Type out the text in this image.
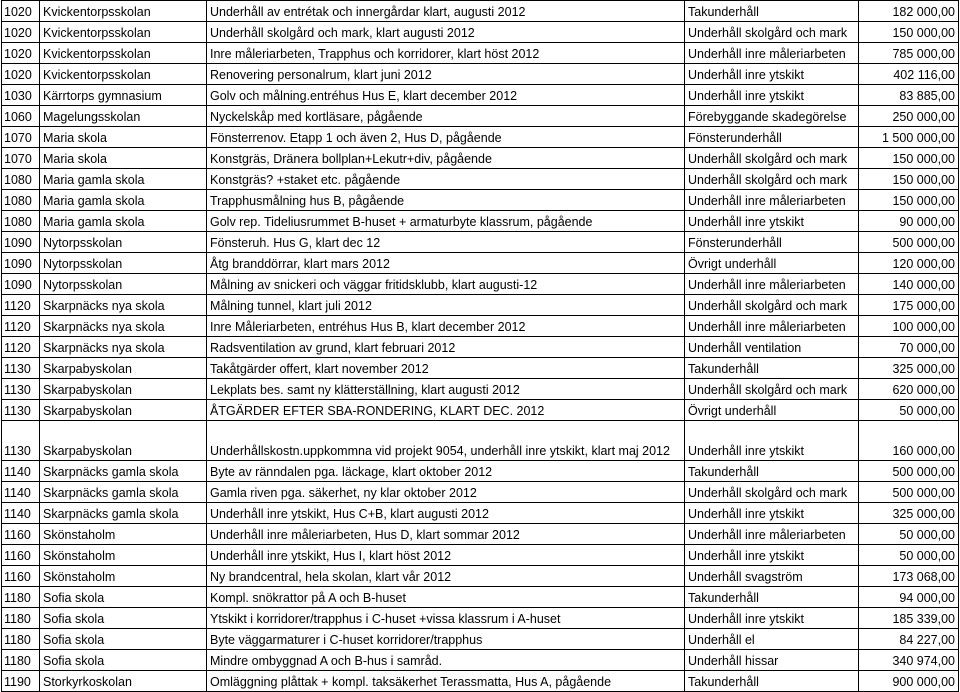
1020	Kvickentorpsskolan	Underhåll av entrétak och innergårdar klart, augusti 2012	Takunderhåll	182 000,00
1020	Kvickentorpsskolan	Underhåll skolgård och mark, klart augusti 2012	Underhåll skolgård och mark	150 000,00
1020	Kvickentorpsskolan	Inre måleriarbeten, Trapphus och korridorer, klart höst 2012	Underhåll inre måleriarbeten	785 000,00
1020	Kvickentorpsskolan	Renovering personalrum, klart juni 2012	Underhåll inre ytskikt	402 116,00
1030	Kärrtorps gymnasium	Golv och målning.entréhus Hus E, klart december 2012	Underhåll inre ytskikt	83 885,00
1060	Magelungsskolan	Nyckelskåp med kortläsare, pågående	Förebyggande skadegörelse	250 000,00
1070	Maria skola	Fönsterrenov. Etapp 1 och även 2, Hus D, pågående	Fönsterunderhåll	1 500 000,00
1070	Maria skola	Konstgräs, Dränera bollplan+Lekutr+div, pågående	Underhåll skolgård och mark	150 000,00
1080	Maria gamla skola	Konstgräs? +staket etc. pågående	Underhåll skolgård och mark	150 000,00
1080	Maria gamla skola	Trapphusmålning hus B, pågående	Underhåll inre måleriarbeten	150 000,00
1080	Maria gamla skola	Golv rep. Tideliusrummet B-huset + armaturbyte klassrum, pågående	Underhåll inre ytskikt	90 000,00
1090	Nytorpsskolan	Fönsteruh. Hus G, klart dec 12	Fönsterunderhåll	500 000,00
1090	Nytorpsskolan	Åtg branddörrar, klart mars 2012	Övrigt underhåll	120 000,00
1090	Nytorpsskolan	Målning av snickeri och väggar fritidsklubb, klart augusti-12	Underhåll inre måleriarbeten	140 000,00
1120	Skarpnäcks nya skola	Målning tunnel, klart juli 2012	Underhåll skolgård och mark	175 000,00
1120	Skarpnäcks nya skola	Inre Måleriarbeten, entréhus Hus B, klart december 2012	Underhåll inre måleriarbeten	100 000,00
1120	Skarpnäcks nya skola	Radsventilation av grund, klart februari 2012	Underhåll ventilation	70 000,00
1130	Skarpabyskolan	Takåtgärder offert, klart november 2012	Takunderhåll	325 000,00
1130	Skarpabyskolan	Lekplats bes. samt ny klätterställning, klart augusti 2012	Underhåll skolgård och mark	620 000,00
1130	Skarpabyskolan	ÅTGÄRDER EFTER SBA-RONDERING, KLART DEC. 2012	Övrigt underhåll	50 000,00
1130	Skarpabyskolan	Underhållskostn.uppkommna vid projekt 9054, underhåll inre ytskikt, klart maj 2012	Underhåll inre ytskikt	160 000,00
1140	Skarpnäcks gamla skola	Byte av ränndalen pga. läckage, klart oktober 2012	Takunderhåll	500 000,00
1140	Skarpnäcks gamla skola	Gamla riven pga. säkerhet, ny klar oktober 2012	Underhåll skolgård och mark	500 000,00
1140	Skarpnäcks gamla skola	Underhåll inre ytskikt, Hus C+B, klart augusti 2012	Underhåll inre ytskikt	325 000,00
1160	Skönstaholm	Underhåll inre måleriarbeten, Hus D, klart sommar 2012	Underhåll inre måleriarbeten	50 000,00
1160	Skönstaholm	Underhåll inre ytskikt, Hus I, klart höst 2012	Underhåll inre ytskikt	50 000,00
1160	Skönstaholm	Ny brandcentral, hela skolan, klart vår 2012	Underhåll svagström	173 068,00
1180	Sofia skola	Kompl. snökrattor på A och B-huset	Takunderhåll	94 000,00
1180	Sofia skola	Ytskikt i korridorer/trapphus i C-huset +vissa klassrum i A-huset	Underhåll inre ytskikt	185 339,00
1180	Sofia skola	Byte väggarmaturer i C-huset korridorer/trapphus	Underhåll el	84 227,00
1180	Sofia skola	Mindre ombyggnad A och B-hus i samråd.	Underhåll hissar	340 974,00
1190	Storkyrkoskolan	Omläggning plåttak + kompl. taksäkerhet Terassmatta, Hus A, pågående	Takunderhåll	900 000,00
